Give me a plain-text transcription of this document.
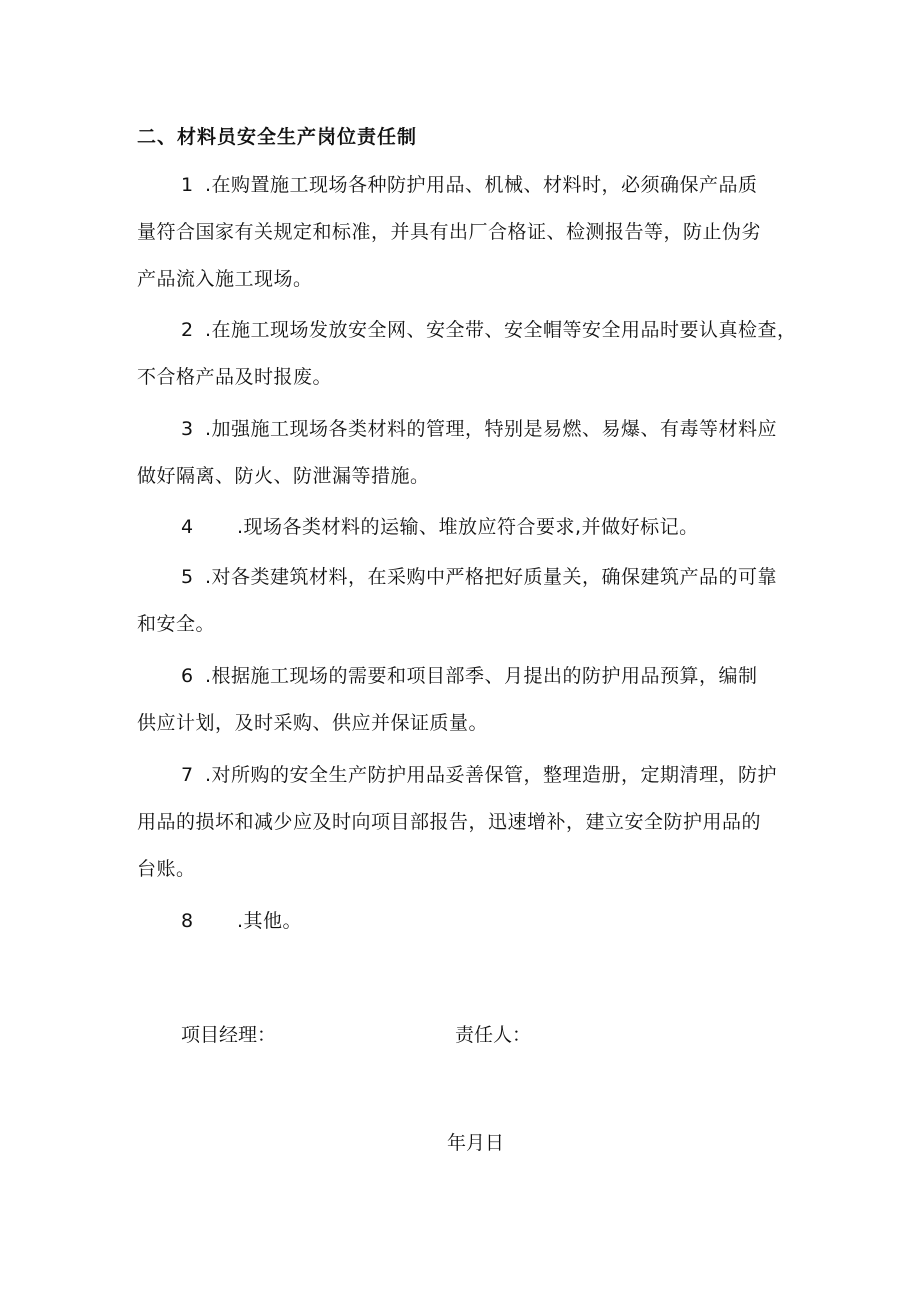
二、材料员安全生产岗位责任制
1 .在购置施工现场各种防护用品、机械、材料时，必须确保产品质
量符合国家有关规定和标准，并具有出厂合格证、检测报告等，防止伪劣
产品流入施工现场。
2 .在施工现场发放安全网、安全带、安全帽等安全用品时要认真检查，
不合格产品及时报废。
3 .加强施工现场各类材料的管理，特别是易燃、易爆、有毒等材料应
做好隔离、防火、防泄漏等措施。
4 .现场各类材料的运输、堆放应符合要求,并做好标记。
5 .对各类建筑材料，在采购中严格把好质量关，确保建筑产品的可靠
和安全。
6 .根据施工现场的需要和项目部季、月提出的防护用品预算，编制
供应计划，及时采购、供应并保证质量。
7 .对所购的安全生产防护用品妥善保管，整理造册，定期清理，防护
用品的损坏和减少应及时向项目部报告，迅速增补，建立安全防护用品的
台账。
8 .其他。
项目经理：	责任人：
年月日
